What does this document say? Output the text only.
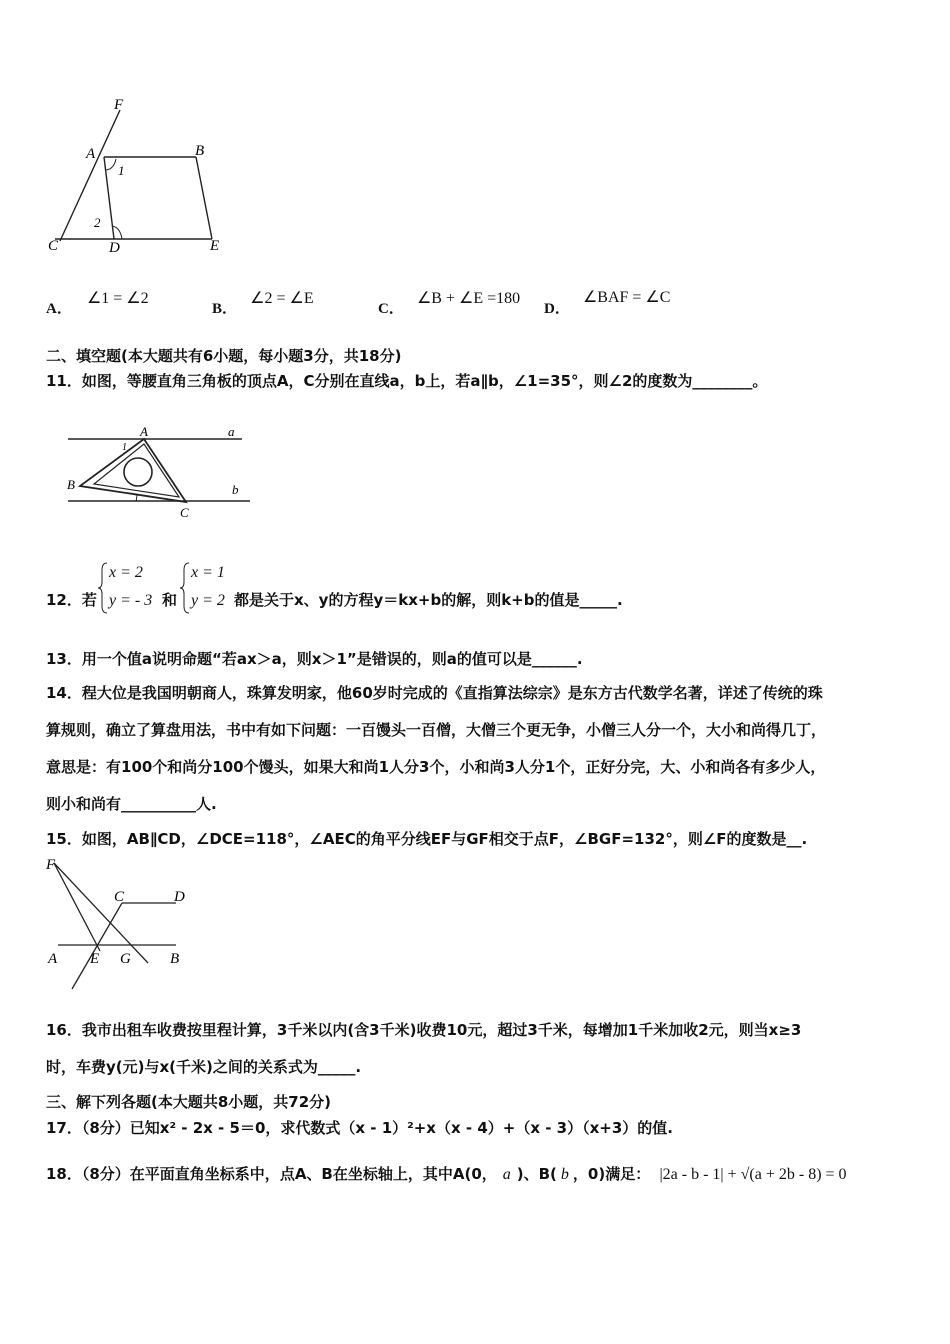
F
A	B
1
2
C	D	E
A． ∠1 = ∠2
B． ∠2 = ∠E
C． ∠B + ∠E =180
D． ∠BAF = ∠C
二、填空题(本大题共有6小题，每小题3分，共18分)
11．如图，等腰直角三角板的顶点A，C分别在直线a，b上，若a∥b，∠1=35°，则∠2的度数为________。
A	a
B	b
C
1
1
12．若
x = 2
y = - 3 和
x = 1
y = 2 都是关于x、y的方程y＝kx+b的解，则k+b的值是_____.
13．用一个值a说明命题“若ax＞a，则x＞1”是错误的，则a的值可以是______.
14．程大位是我国明朝商人，珠算发明家，他60岁时完成的《直指算法综宗》是东方古代数学名著，详述了传统的珠
算规则，确立了算盘用法，书中有如下问题：一百馒头一百僧，大僧三个更无争，小僧三人分一个，大小和尚得几丁，
意思是：有100个和尚分100个馒头，如果大和尚1人分3个，小和尚3人分1个，正好分完，大、小和尚各有多少人，
则小和尚有__________人.
15．如图，AB∥CD，∠DCE=118°，∠AEC的角平分线EF与GF相交于点F，∠BGF=132°，则∠F的度数是__.
F
C	D
A E G	B
16．我市出租车收费按里程计算，3千米以内(含3千米)收费10元，超过3千米，每增加1千米加收2元，则当x≥3
时，车费y(元)与x(千米)之间的关系式为_____.
三、解下列各题(本大题共8小题，共72分)
17．（8分）已知x² - 2x - 5＝0，求代数式（x - 1）²+x（x - 4）+（x - 3）（x+3）的值.
18．（8分）在平面直角坐标系中，点A、B在坐标轴上，其中A(0， a )、B( b ，0)满足： |2a - b - 1| + √(a + 2b - 8) = 0
